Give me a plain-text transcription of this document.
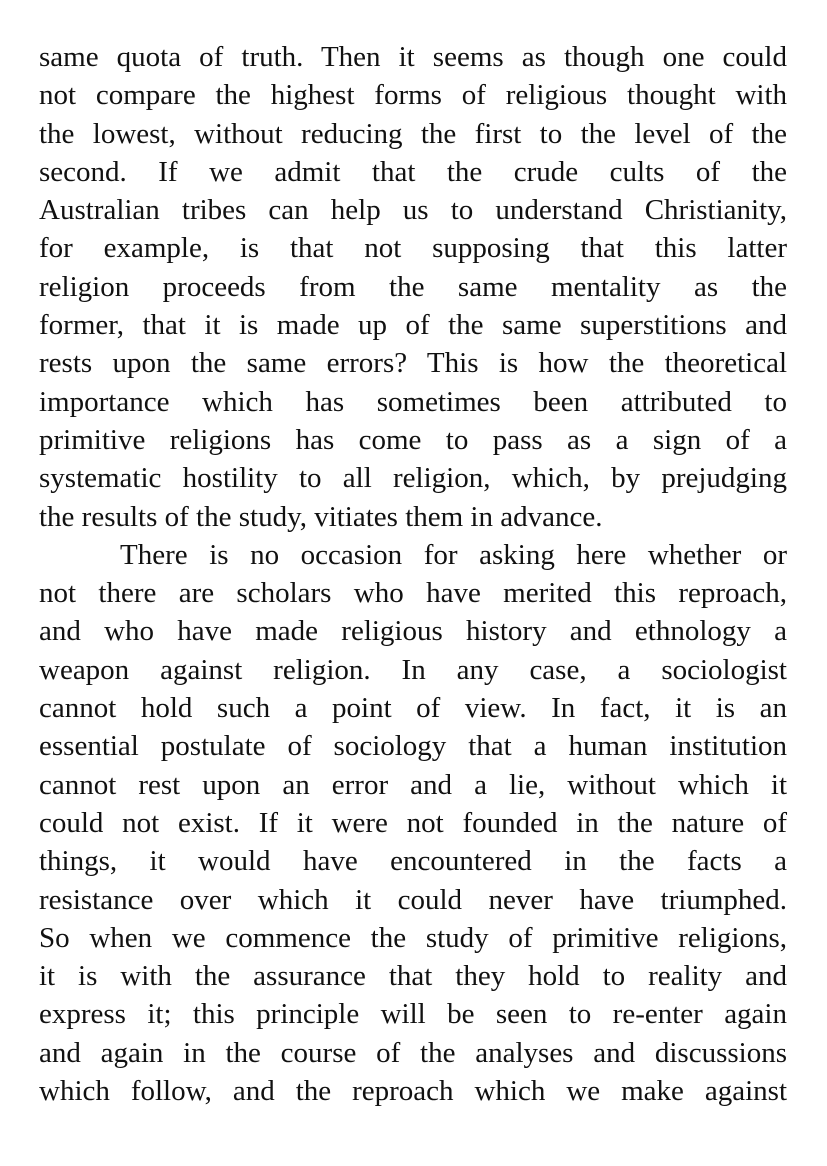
same quota of truth. Then it seems as though one could
not compare the highest forms of religious thought with
the lowest, without reducing the first to the level of the
second. If we admit that the crude cults of the
Australian tribes can help us to understand Christianity,
for example, is that not supposing that this latter
religion proceeds from the same mentality as the
former, that it is made up of the same superstitions and
rests upon the same errors? This is how the theoretical
importance which has sometimes been attributed to
primitive religions has come to pass as a sign of a
systematic hostility to all religion, which, by prejudging
the results of the study, vitiates them in advance.
There is no occasion for asking here whether or
not there are scholars who have merited this reproach,
and who have made religious history and ethnology a
weapon against religion. In any case, a sociologist
cannot hold such a point of view. In fact, it is an
essential postulate of sociology that a human institution
cannot rest upon an error and a lie, without which it
could not exist. If it were not founded in the nature of
things, it would have encountered in the facts a
resistance over which it could never have triumphed.
So when we commence the study of primitive religions,
it is with the assurance that they hold to reality and
express it; this principle will be seen to re-enter again
and again in the course of the analyses and discussions
which follow, and the reproach which we make against
